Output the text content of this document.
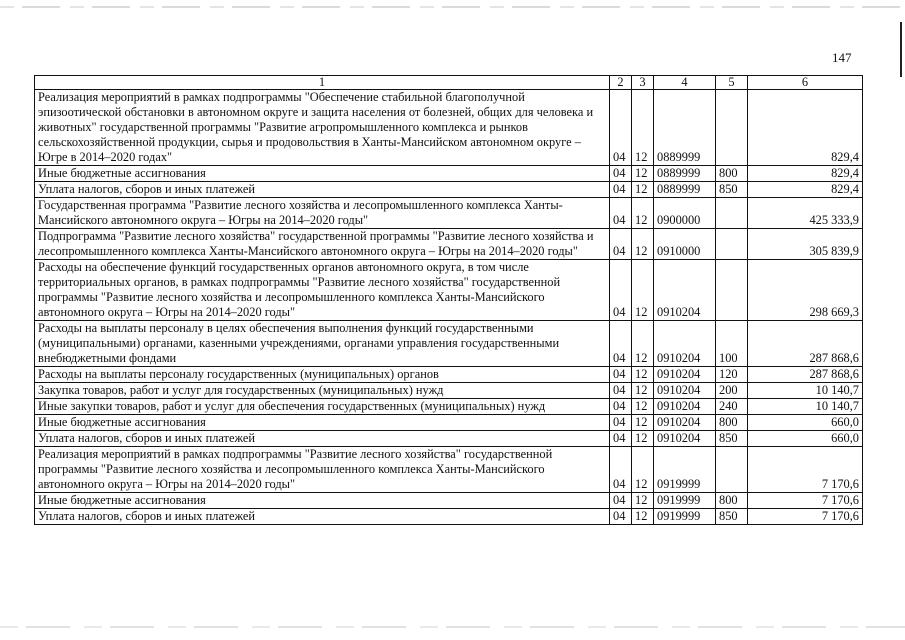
147
1	2	3	4	5	6
Реализация мероприятий в рамках подпрограммы "Обеспечение стабильной благополучной эпизоотической обстановки в автономном округе и защита населения от болезней, общих для человека и животных" государственной программы "Развитие агропромышленного комплекса и рынков сельскохозяйственной продукции, сырья и продовольствия в Ханты-Мансийском автономном округе – Югре в 2014–2020 годах"	04	12	0889999		829,4
Иные бюджетные ассигнования	04	12	0889999	800	829,4
Уплата налогов, сборов и иных платежей	04	12	0889999	850	829,4
Государственная программа "Развитие лесного хозяйства и лесопромышленного комплекса Ханты-Мансийского автономного округа – Югры на 2014–2020 годы"	04	12	0900000		425 333,9
Подпрограмма "Развитие лесного хозяйства" государственной программы "Развитие лесного хозяйства и лесопромышленного комплекса Ханты-Мансийского автономного округа – Югры на 2014–2020 годы"	04	12	0910000		305 839,9
Расходы на обеспечение функций государственных органов автономного округа, в том числе территориальных органов, в рамках подпрограммы "Развитие лесного хозяйства" государственной программы "Развитие лесного хозяйства и лесопромышленного комплекса Ханты-Мансийского автономного округа – Югры на 2014–2020 годы"	04	12	0910204		298 669,3
Расходы на выплаты персоналу в целях обеспечения выполнения функций государственными (муниципальными) органами, казенными учреждениями, органами управления государственными внебюджетными фондами	04	12	0910204	100	287 868,6
Расходы на выплаты персоналу государственных (муниципальных) органов	04	12	0910204	120	287 868,6
Закупка товаров, работ и услуг для государственных (муниципальных) нужд	04	12	0910204	200	10 140,7
Иные закупки товаров, работ и услуг для обеспечения государственных (муниципальных) нужд	04	12	0910204	240	10 140,7
Иные бюджетные ассигнования	04	12	0910204	800	660,0
Уплата налогов, сборов и иных платежей	04	12	0910204	850	660,0
Реализация мероприятий в рамках подпрограммы "Развитие лесного хозяйства" государственной программы "Развитие лесного хозяйства и лесопромышленного комплекса Ханты-Мансийского автономного округа – Югры на 2014–2020 годы"	04	12	0919999		7 170,6
Иные бюджетные ассигнования	04	12	0919999	800	7 170,6
Уплата налогов, сборов и иных платежей	04	12	0919999	850	7 170,6
